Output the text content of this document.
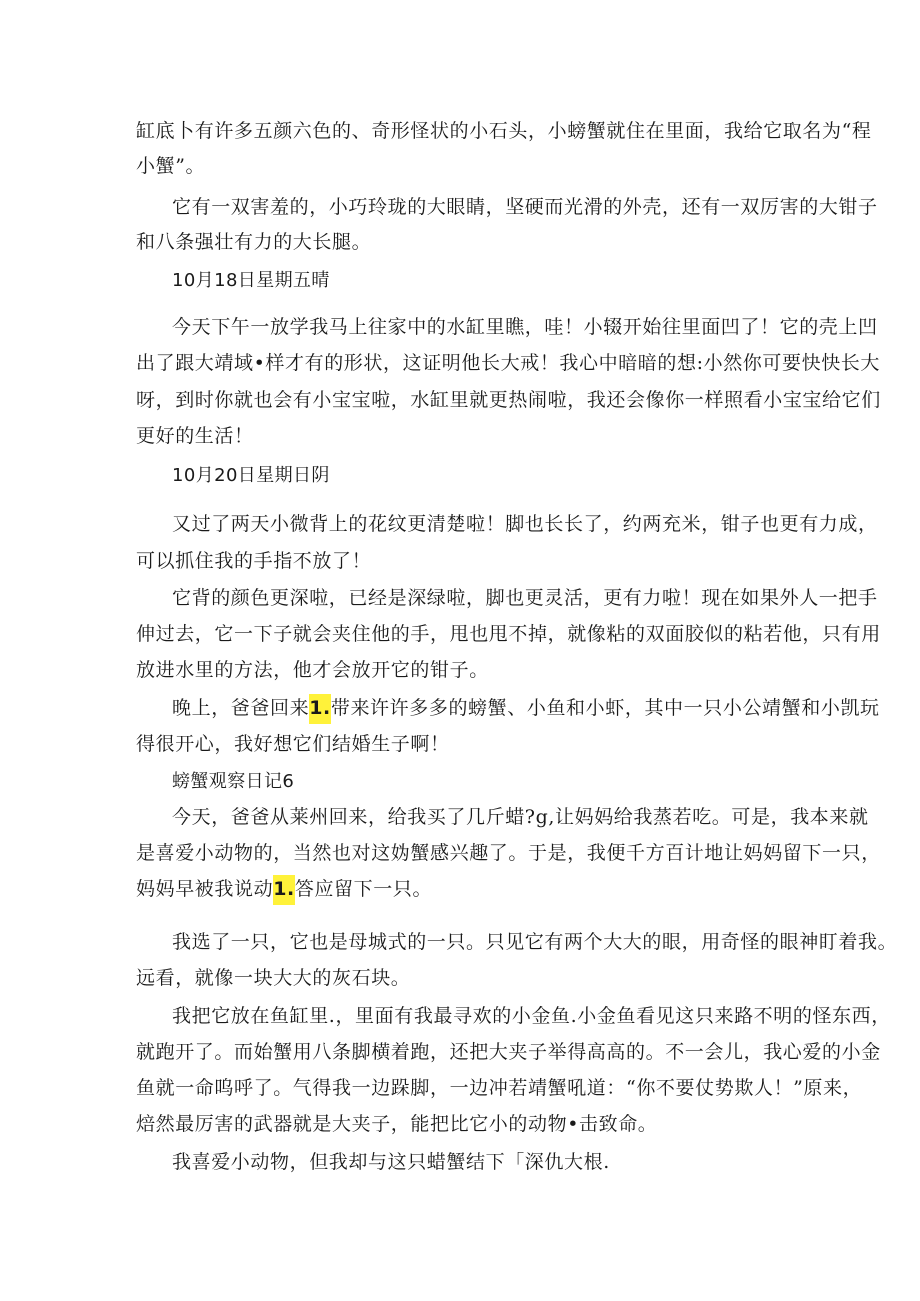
缸底卜有许多五颜六色的、奇形怪状的小石头，小螃蟹就住在里面，我给它取名为“程
小蟹”。
它有一双害羞的，小巧玲珑的大眼睛，坚硬而光滑的外壳，还有一双厉害的大钳子
和八条强壮有力的大长腿。
10月18日星期五晴
今天下午一放学我马上往家中的水缸里瞧，哇！小辍开始往里面凹了！它的壳上凹
出了跟大靖域•样才有的形状，这证明他长大戒！我心中暗暗的想:小然你可要快快长大
呀，到时你就也会有小宝宝啦，水缸里就更热闹啦，我还会像你一样照看小宝宝给它们
更好的生活！
10月20日星期日阴
又过了两天小微背上的花纹更清楚啦！脚也长长了，约两充米，钳子也更有力成，
可以抓住我的手指不放了！
它背的颜色更深啦，已经是深绿啦，脚也更灵活，更有力啦！现在如果外人一把手
伸过去，它一下子就会夹住他的手，甩也甩不掉，就像粘的双面胶似的粘若他，只有用
放进水里的方法，他才会放开它的钳子。
晚上，爸爸回来1.带来许许多多的螃蟹、小鱼和小虾，其中一只小公靖蟹和小凯玩
得很开心，我好想它们结婚生子啊！
螃蟹观察日记6
今天，爸爸从莱州回来，给我买了几斤蜡?g,让妈妈给我蒸若吃。可是，我本来就
是喜爱小动物的，当然也对这妫蟹感兴趣了。于是，我便千方百计地让妈妈留下一只，
妈妈早被我说动1.答应留下一只。
我选了一只，它也是母城式的一只。只见它有两个大大的眼，用奇怪的眼神盯着我。
远看，就像一块大大的灰石块。
我把它放在鱼缸里.，里面有我最寻欢的小金鱼.小金鱼看见这只来路不明的怪东西，
就跑开了。而始蟹用八条脚横着跑，还把大夹子举得高高的。不一会儿，我心爱的小金
鱼就一命呜呼了。气得我一边跺脚，一边冲若靖蟹吼道：“你不要仗势欺人！”原来，
焙然最厉害的武器就是大夹子，能把比它小的动物•击致命。
我喜爱小动物，但我却与这只蜡蟹结下「深仇大根.
